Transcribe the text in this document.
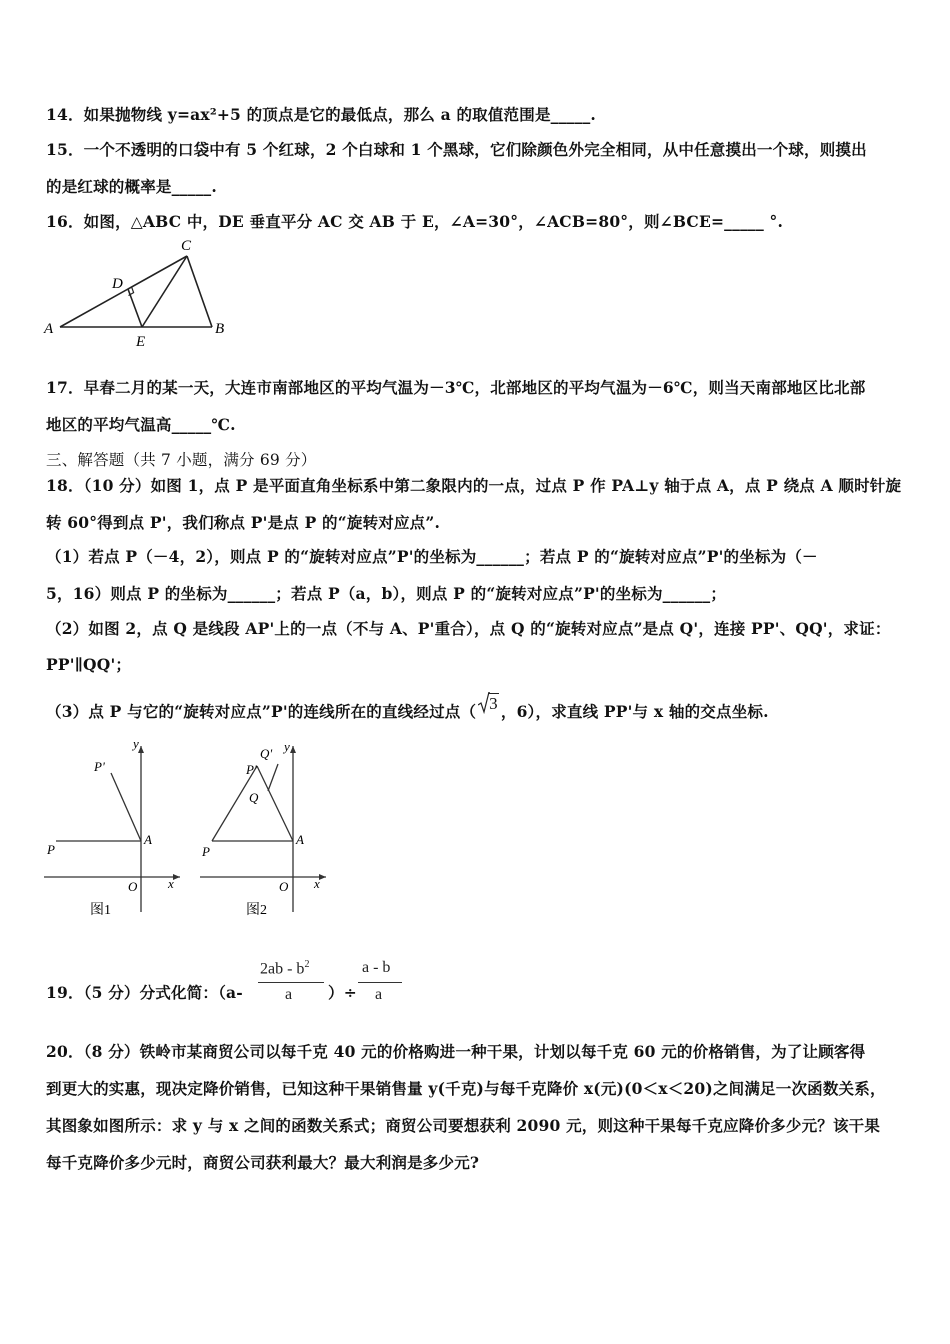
14．如果抛物线 y=ax²+5 的顶点是它的最低点，那么 a 的取值范围是_____.
15．一个不透明的口袋中有 5 个红球，2 个白球和 1 个黑球，它们除颜色外完全相同，从中任意摸出一个球，则摸出
的是红球的概率是_____.
16．如图，△ABC 中，DE 垂直平分 AC 交 AB 于 E，∠A=30°，∠ACB=80°，则∠BCE=_____ °.
C
D
A	B
E
17．早春二月的某一天，大连市南部地区的平均气温为－3℃，北部地区的平均气温为－6℃，则当天南部地区比北部
地区的平均气温高_____℃.
三、解答题（共 7 小题，满分 69 分）
18．（10 分）如图 1，点 P 是平面直角坐标系中第二象限内的一点，过点 P 作 PA⊥y 轴于点 A，点 P 绕点 A 顺时针旋
转 60°得到点 P'，我们称点 P'是点 P 的“旋转对应点”.
（1）若点 P（－4，2），则点 P 的“旋转对应点”P'的坐标为______；若点 P 的“旋转对应点”P'的坐标为（－
5，16）则点 P 的坐标为______；若点 P（a，b），则点 P 的“旋转对应点”P'的坐标为______；
（2）如图 2，点 Q 是线段 AP'上的一点（不与 A、P'重合），点 Q 的“旋转对应点”是点 Q'，连接 PP'、QQ'，求证：
PP'∥QQ'；
（3）点 P 与它的“旋转对应点”P'的连线所在的直线经过点（ 3 ，6），求直线 PP'与 x 轴的交点坐标.
y
x
O
A
P
P'
图1
y
Q'
P'
Q
x
O
A
P
图2
19．（5 分）分式化简：（a-
$2ab - b^2$
a ）÷
a - b
a
20．（8 分）铁岭市某商贸公司以每千克 40 元的价格购进一种干果，计划以每千克 60 元的价格销售，为了让顾客得
到更大的实惠，现决定降价销售，已知这种干果销售量 y(千克)与每千克降价 x(元)(0＜x＜20)之间满足一次函数关系，
其图象如图所示：求 y 与 x 之间的函数关系式；商贸公司要想获利 2090 元，则这种干果每千克应降价多少元？该干果
每千克降价多少元时，商贸公司获利最大？最大利润是多少元?
